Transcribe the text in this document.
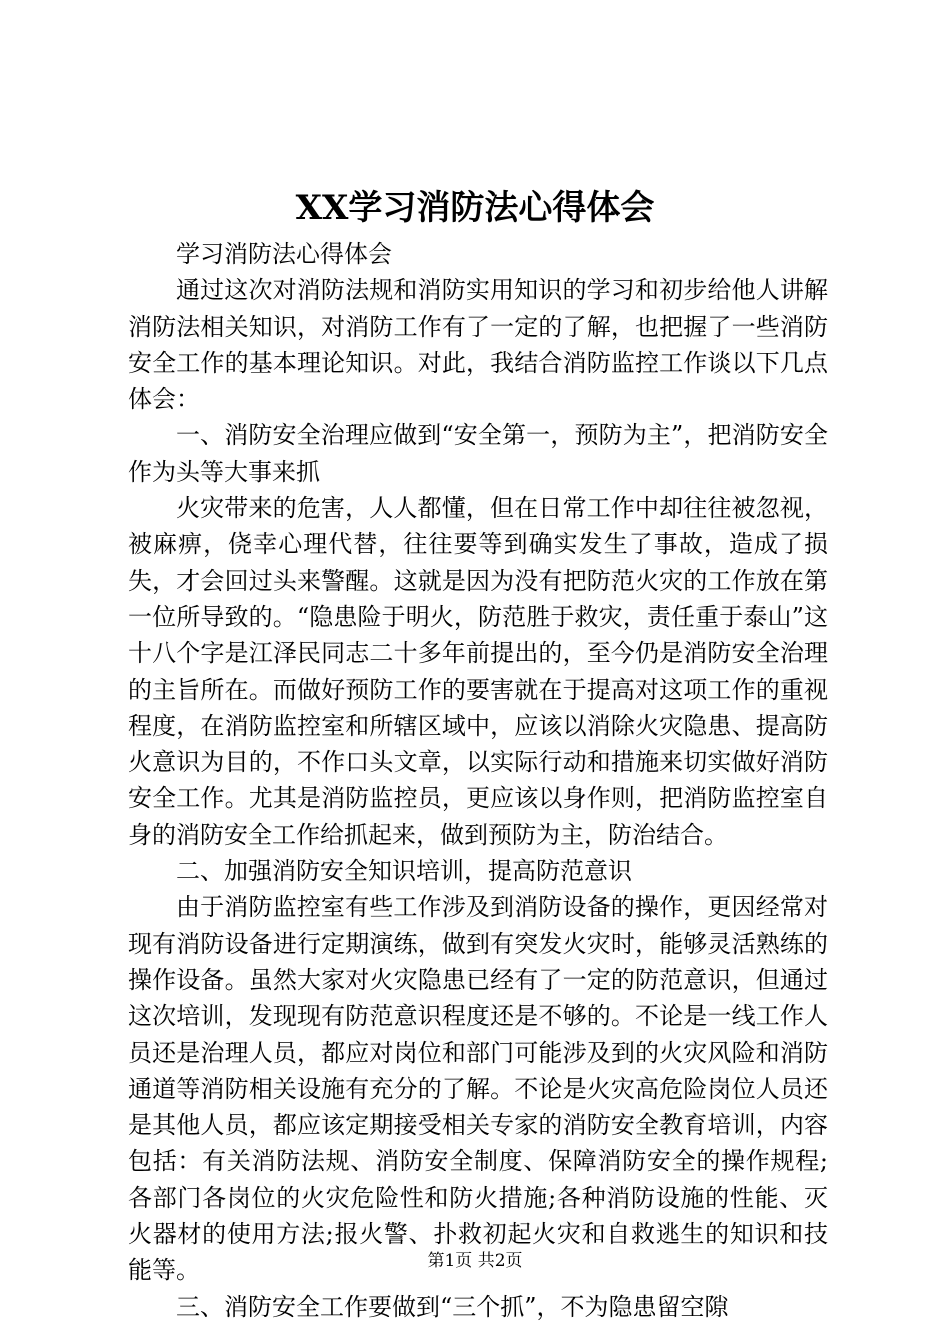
XX学习消防法心得体会

学习消防法心得体会

通过这次对消防法规和消防实用知识的学习和初步给他人讲解消防法相关知识，对消防工作有了一定的了解，也把握了一些消防安全工作的基本理论知识。对此，我结合消防监控工作谈以下几点体会：

一、消防安全治理应做到“安全第一，预防为主”，把消防安全作为头等大事来抓

火灾带来的危害，人人都懂，但在日常工作中却往往被忽视，被麻痹，侥幸心理代替，往往要等到确实发生了事故，造成了损失，才会回过头来警醒。这就是因为没有把防范火灾的工作放在第一位所导致的。“隐患险于明火，防范胜于救灾，责任重于泰山”这十八个字是江泽民同志二十多年前提出的，至今仍是消防安全治理的主旨所在。而做好预防工作的要害就在于提高对这项工作的重视程度，在消防监控室和所辖区域中，应该以消除火灾隐患、提高防火意识为目的，不作口头文章，以实际行动和措施来切实做好消防安全工作。尤其是消防监控员，更应该以身作则，把消防监控室自身的消防安全工作给抓起来，做到预防为主，防治结合。

二、加强消防安全知识培训，提高防范意识

由于消防监控室有些工作涉及到消防设备的操作，更因经常对现有消防设备进行定期演练，做到有突发火灾时，能够灵活熟练的操作设备。虽然大家对火灾隐患已经有了一定的防范意识，但通过这次培训，发现现有防范意识程度还是不够的。不论是一线工作人员还是治理人员，都应对岗位和部门可能涉及到的火灾风险和消防通道等消防相关设施有充分的了解。不论是火灾高危险岗位人员还是其他人员，都应该定期接受相关专家的消防安全教育培训，内容包括：有关消防法规、消防安全制度、保障消防安全的操作规程;各部门各岗位的火灾危险性和防火措施;各种消防设施的性能、灭火器材的使用方法;报火警、扑救初起火灾和自救逃生的知识和技能等。

三、消防安全工作要做到“三个抓”，不为隐患留空隙

第1页 共2页
